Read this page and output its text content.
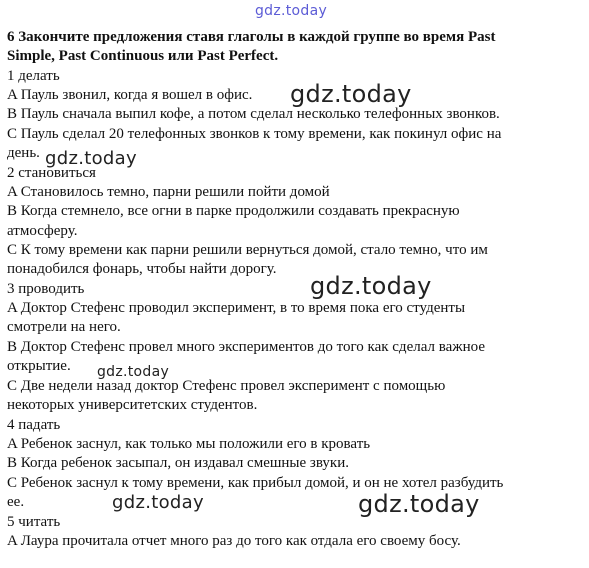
gdz.today
6 Закончите предложения ставя глаголы в каждой группе во время Past
Simple, Past Continuous или Past Perfect.
1 делать
A Пауль звонил, когда я вошел в офис.
B Пауль сначала выпил кофе, а потом сделал несколько телефонных звонков.
C Пауль сделал 20 телефонных звонков к тому времени, как покинул офис на
день.
2 становиться
A Становилось темно, парни решили пойти домой
B Когда стемнело, все огни в парке продолжили создавать прекрасную
атмосферу.
C К тому времени как парни решили вернуться домой, стало темно, что им
понадобился фонарь, чтобы найти дорогу.
3 проводить
A Доктор Стефенс проводил эксперимент, в то время пока его студенты
смотрели на него.
B Доктор Стефенс провел много экспериментов до того как сделал важное
открытие.
C Две недели назад доктор Стефенс провел эксперимент с помощью
некоторых университетских студентов.
4 падать
A Ребенок заснул, как только мы положили его в кровать
B Когда ребенок засыпал, он издавал смешные звуки.
C Ребенок заснул к тому времени, как прибыл домой, и он не хотел разбудить
ее.
5 читать
A Лаура прочитала отчет много раз до того как отдала его своему босу.
gdz.today
gdz.today
gdz.today
gdz.today
gdz.today	gdz.today
